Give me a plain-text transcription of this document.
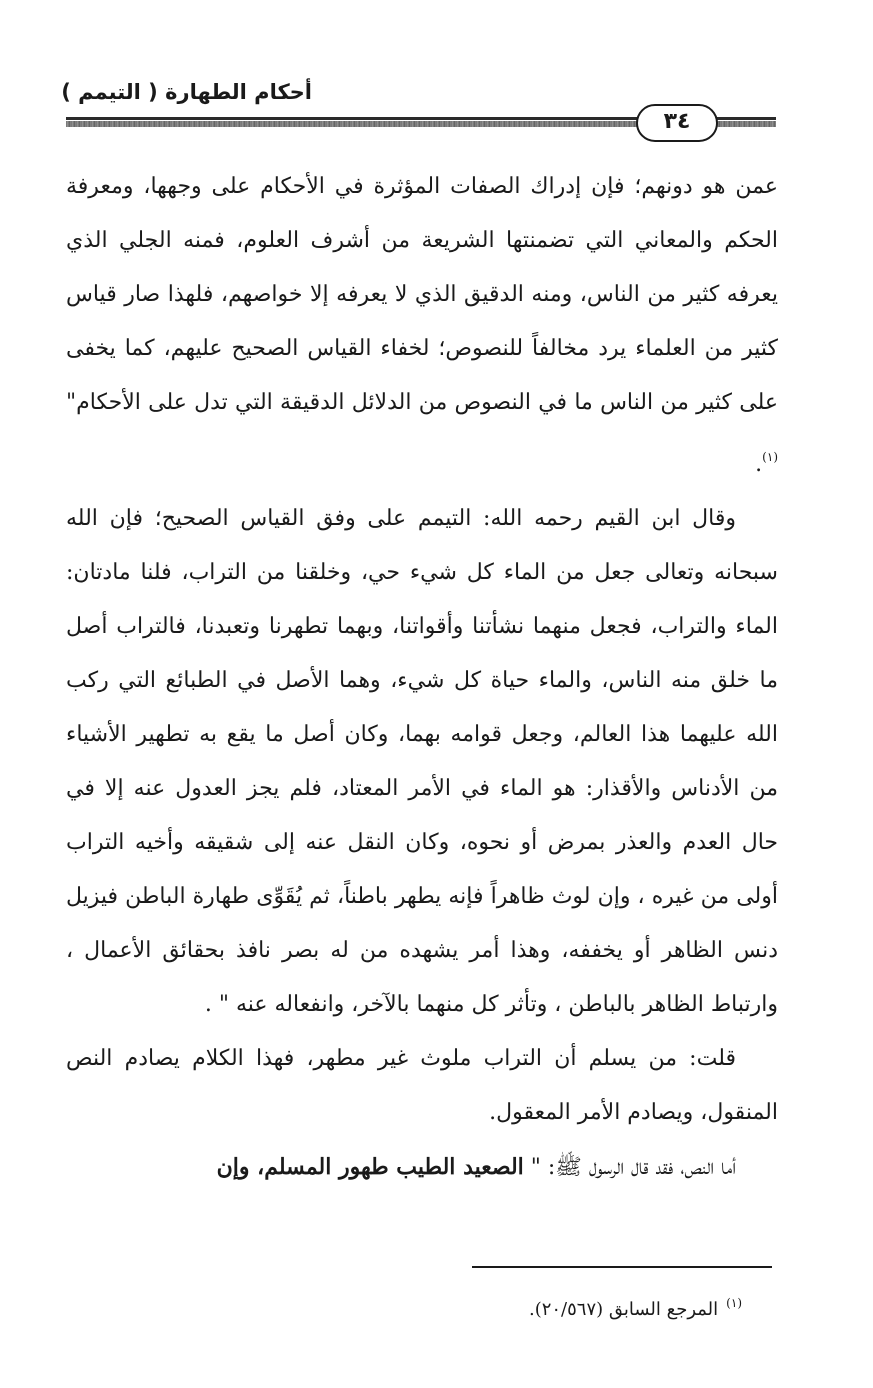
أحكام الطهارة ( التيمم )
٣٤

عمن هو دونهم؛ فإن إدراك الصفات المؤثرة في الأحكام على وجهها، ومعرفة الحكم والمعاني التي تضمنتها الشريعة من أشرف العلوم، فمنه الجلي الذي يعرفه كثير من الناس، ومنه الدقيق الذي لا يعرفه إلا خواصهم، فلهذا صار قياس كثير من العلماء يرد مخالفاً للنصوص؛ لخفاء القياس الصحيح عليهم، كما يخفى على كثير من الناس ما في النصوص من الدلائل الدقيقة التي تدل على الأحكام"$^{(١)}$.

وقال ابن القيم رحمه الله: التيمم على وفق القياس الصحيح؛ فإن الله سبحانه وتعالى جعل من الماء كل شيء حي، وخلقنا من التراب، فلنا مادتان: الماء والتراب، فجعل منهما نشأتنا وأقواتنا، وبهما تطهرنا وتعبدنا، فالتراب أصل ما خلق منه الناس، والماء حياة كل شيء، وهما الأصل في الطبائع التي ركب الله عليهما هذا العالم، وجعل قوامه بهما، وكان أصل ما يقع به تطهير الأشياء من الأدناس والأقذار: هو الماء في الأمر المعتاد، فلم يجز العدول عنه إلا في حال العدم والعذر بمرض أو نحوه، وكان النقل عنه إلى شقيقه وأخيه التراب أولى من غيره ، وإن لوث ظاهراً فإنه يطهر باطناً، ثم يُقَوِّى طهارة الباطن فيزيل دنس الظاهر أو يخففه، وهذا أمر يشهده من له بصر نافذ بحقائق الأعمال ، وارتباط الظاهر بالباطن ، وتأثر كل منهما بالآخر، وانفعاله عنه " .

قلت: من يسلم أن التراب ملوث غير مطهر، فهذا الكلام يصادم النص المنقول، ويصادم الأمر المعقول.

أما النص، فقد قال الرسول ﷺ: " الصعيد الطيب طهور المسلم، وإن

$^{(١)}$المرجع السابق (٢٠/٥٦٧).
